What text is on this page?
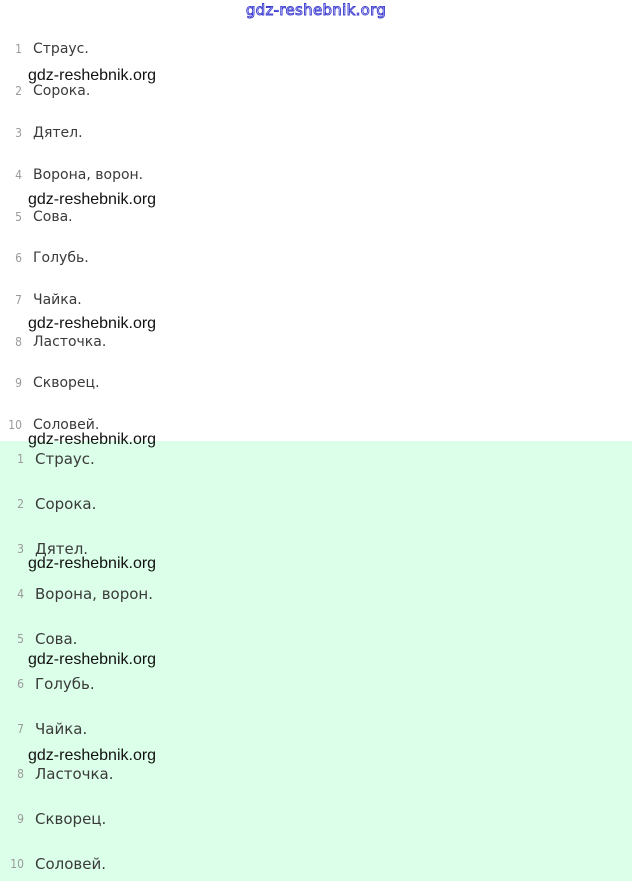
gdz-reshebnik.org
1 Страус.
2 Сорока.
3 Дятел.
4 Ворона, ворон.
5 Сова.
6 Голубь.
7 Чайка.
8 Ласточка.
9 Скворец.
10 Соловей.
1 Страус.
2 Сорока.
3 Дятел.
4 Ворона, ворон.
5 Сова.
6 Голубь.
7 Чайка.
8 Ласточка.
9 Скворец.
10 Соловей.
gdz-reshebnik.org
gdz-reshebnik.org
gdz-reshebnik.org
gdz-reshebnik.org
gdz-reshebnik.org
gdz-reshebnik.org
gdz-reshebnik.org
